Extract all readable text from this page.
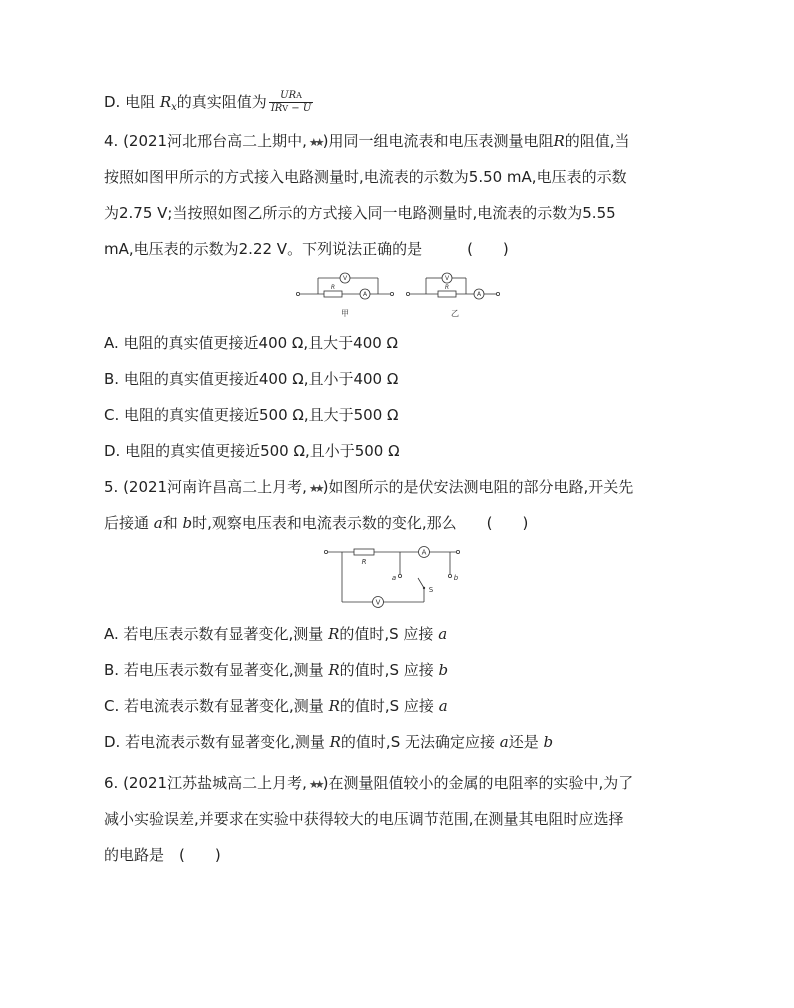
D. 电阻 $R_x$的真实阻值为 $\frac{\text{URA}}{\text{IRV − U}}$
4. (2021河北邢台高二上期中, ★★ )用同一组电流表和电压表测量电阻R的阻值,当
按照如图甲所示的方式接入电路测量时,电流表的示数为5.50 mA,电压表的示数
为2.75 V;当按照如图乙所示的方式接入同一电路测量时,电流表的示数为5.55
mA,电压表的示数为2.22 V。下列说法正确的是　　　(　　)
V
A
R
V
A
R
甲	乙
A. 电阻的真实值更接近400 Ω,且大于400 Ω
B. 电阻的真实值更接近400 Ω,且小于400 Ω
C. 电阻的真实值更接近500 Ω,且大于500 Ω
D. 电阻的真实值更接近500 Ω,且小于500 Ω
5. (2021河南许昌高二上月考, ★★ )如图所示的是伏安法测电阻的部分电路,开关先
后接通 a和 b时,观察电压表和电流表示数的变化,那么　　(　　)
R
A
V
a	b
S
A. 若电压表示数有显著变化,测量 R的值时,S 应接 a
B. 若电压表示数有显著变化,测量 R的值时,S 应接 b
C. 若电流表示数有显著变化,测量 R的值时,S 应接 a
D. 若电流表示数有显著变化,测量 R的值时,S 无法确定应接 a还是 b
6. (2021江苏盐城高二上月考, ★★ )在测量阻值较小的金属的电阻率的实验中,为了
减小实验误差,并要求在实验中获得较大的电压调节范围,在测量其电阻时应选择
的电路是　(　　)
